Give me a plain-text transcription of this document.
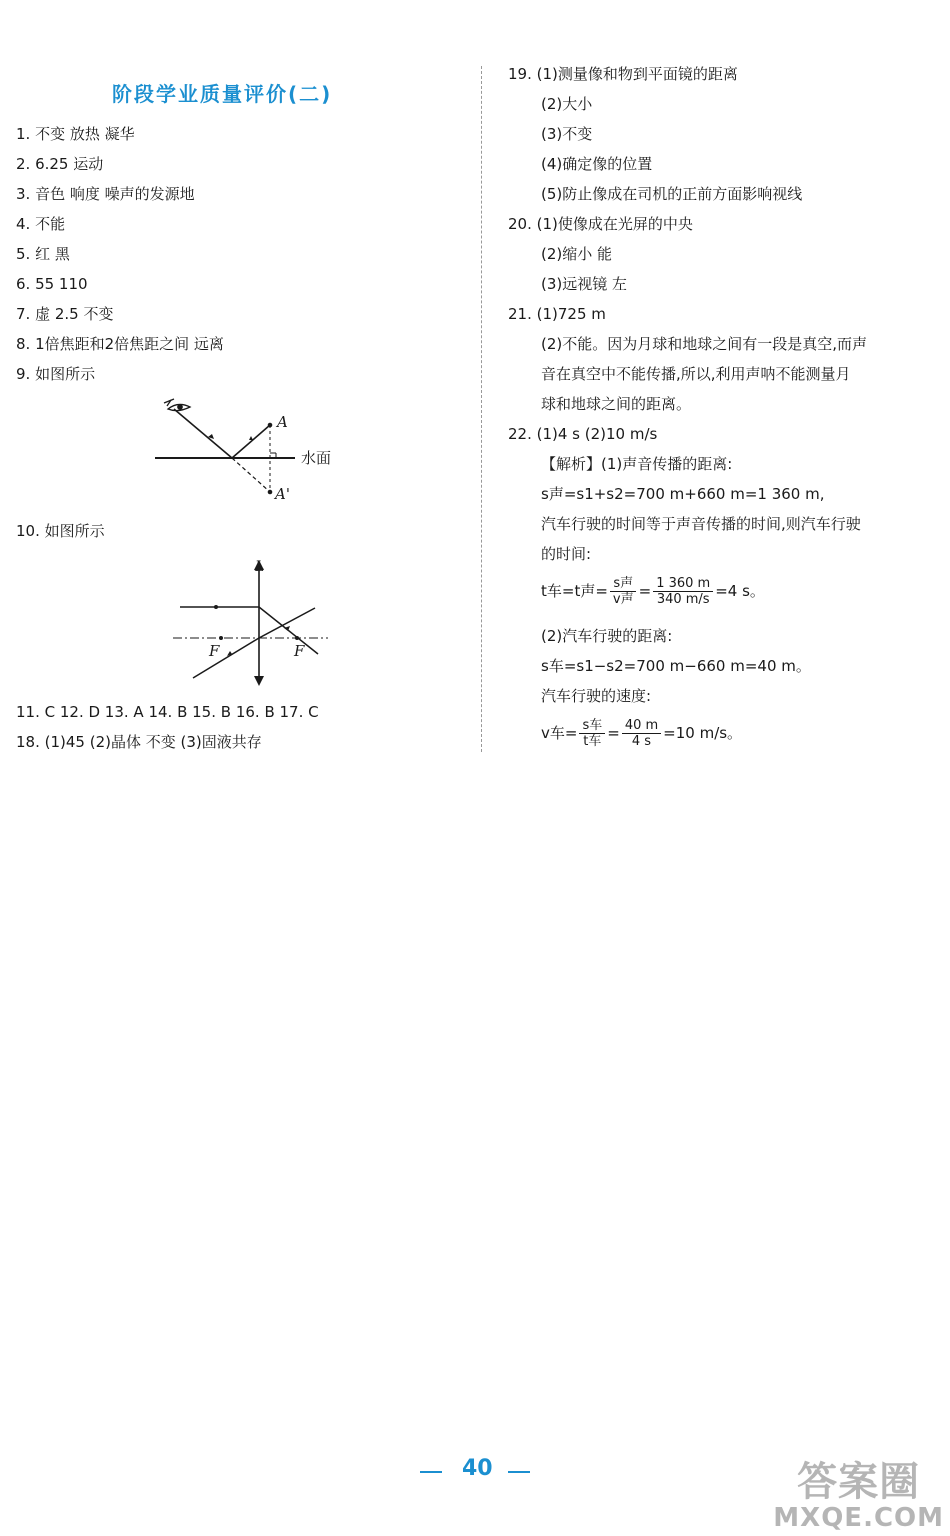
阶段学业质量评价(二)
1. 不变 放热 凝华
2. 6.25 运动
3. 音色 响度 噪声的发源地
4. 不能
5. 红 黑
6. 55 110
7. 虚 2.5 不变
8. 1倍焦距和2倍焦距之间 远离
9. 如图所示
A
A'
水面
10. 如图所示
L
F	F
11. C 12. D 13. A 14. B 15. B 16. B 17. C
18. (1)45 (2)晶体 不变 (3)固液共存
19. (1)测量像和物到平面镜的距离
(2)大小
(3)不变
(4)确定像的位置
(5)防止像成在司机的正前方面影响视线
20. (1)使像成在光屏的中央
(2)缩小 能
(3)远视镜 左
21. (1)725 m
(2)不能。因为月球和地球之间有一段是真空,而声
音在真空中不能传播,所以,利用声呐不能测量月
球和地球之间的距离。
22. (1)4 s (2)10 m/s
【解析】(1)声音传播的距离:
s声=s1+s2=700 m+660 m=1 360 m,
汽车行驶的时间等于声音传播的时间,则汽车行驶
的时间:
t车=t声= $\frac{\text{s声}}{\text{v声}} = \frac{1 360 m}{340 m/s} =4$ s。
(2)汽车行驶的距离:
s车=s1−s2=700 m−660 m=40 m。
汽车行驶的速度:
v车= $\frac{\text{s车}}{\text{t车}} = \frac{40 m}{4 s} =10$ m/s。
40	答案圈
MXQE.COM
